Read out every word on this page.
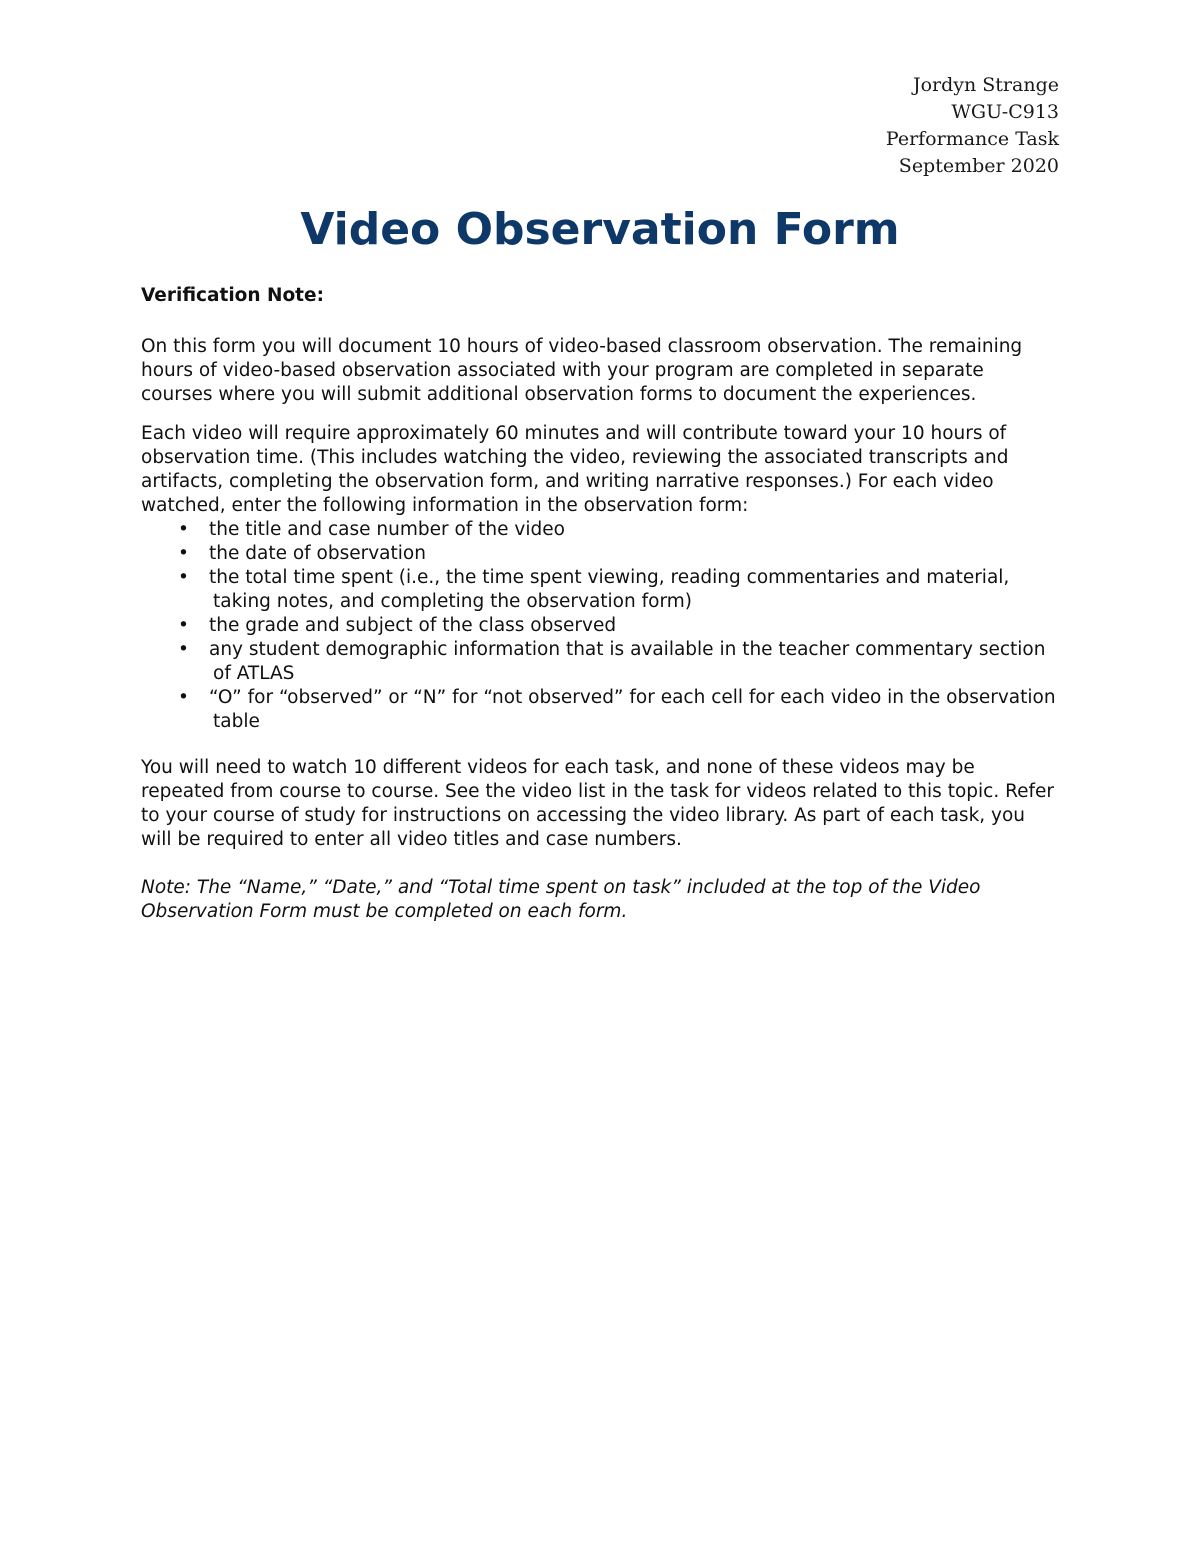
Jordyn Strange
WGU-C913
Performance Task
September 2020
Video Observation Form

Verification Note:

On this form you will document 10 hours of video-based classroom observation. The remaining hours of video-based observation associated with your program are completed in separate courses where you will submit additional observation forms to document the experiences.

Each video will require approximately 60 minutes and will contribute toward your 10 hours of observation time. (This includes watching the video, reviewing the associated transcripts and artifacts, completing the observation form, and writing narrative responses.) For each video watched, enter the following information in the observation form:

• the title and case number of the video
• the date of observation
• the total time spent (i.e., the time spent viewing, reading commentaries and material, taking notes, and completing the observation form)
• the grade and subject of the class observed
• any student demographic information that is available in the teacher commentary section of ATLAS
• “O” for “observed” or “N” for “not observed” for each cell for each video in the observation table

You will need to watch 10 different videos for each task, and none of these videos may be repeated from course to course. See the video list in the task for videos related to this topic. Refer to your course of study for instructions on accessing the video library. As part of each task, you will be required to enter all video titles and case numbers.

Note: The “Name,” “Date,” and “Total time spent on task” included at the top of the Video Observation Form must be completed on each form.
